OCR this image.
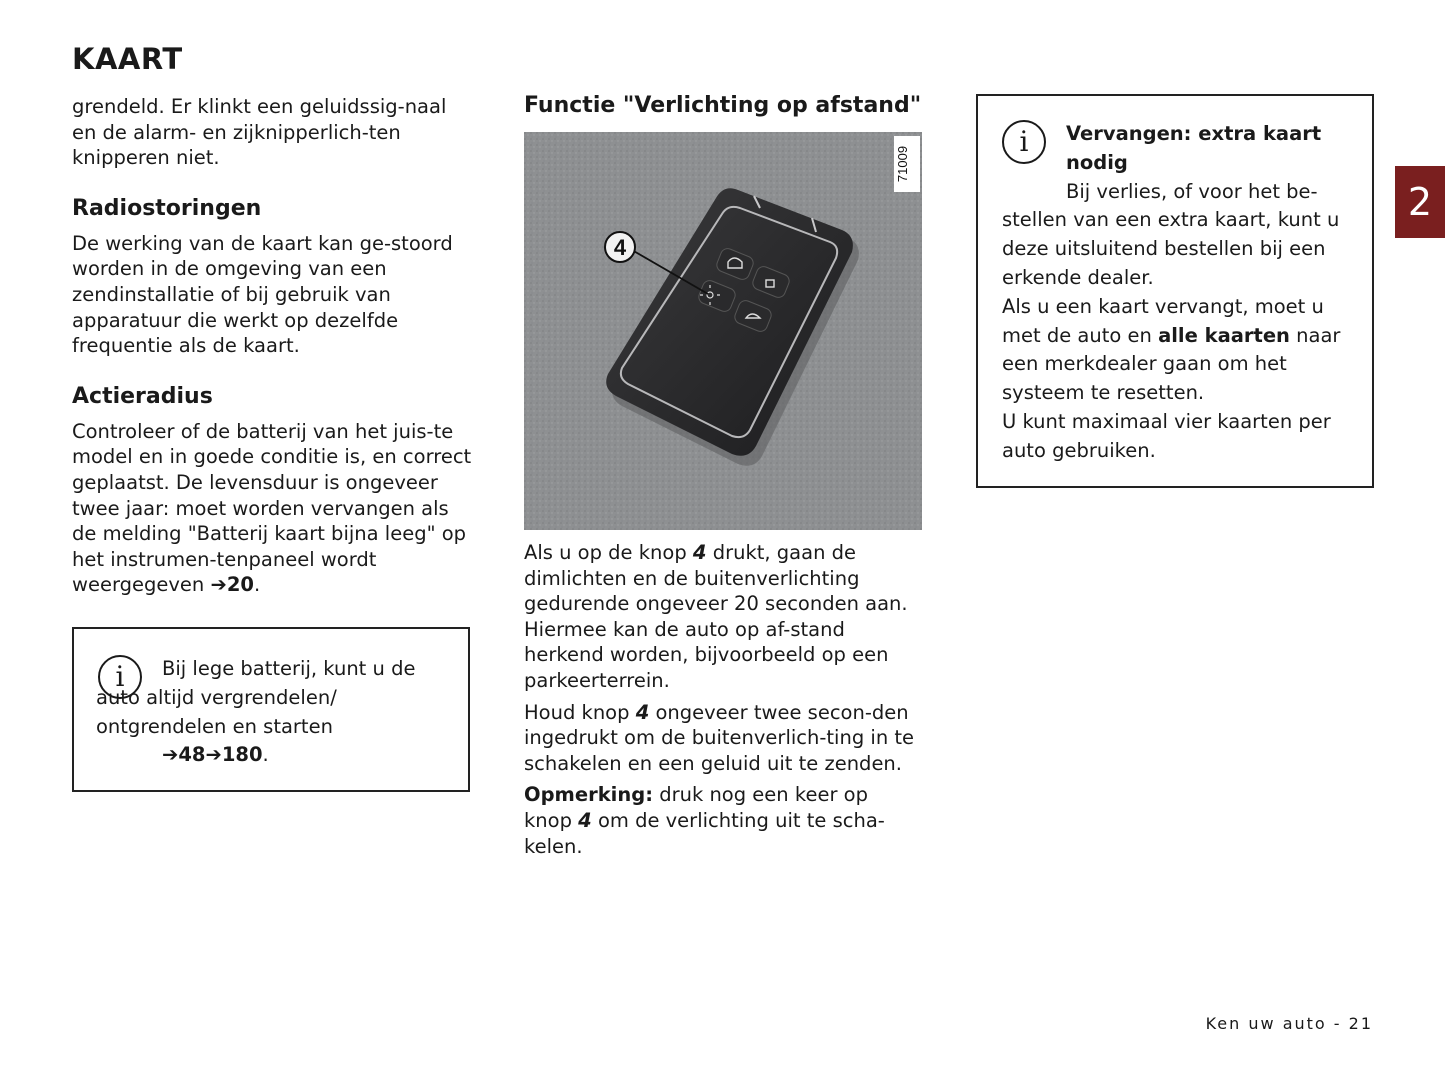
KAART

grendeld. Er klinkt een geluidssig-naal en de alarm- en zijknipperlich-ten knipperen niet.

Radiostoringen

De werking van de kaart kan ge-stoord worden in de omgeving van een zendinstallatie of bij gebruik van apparatuur die werkt op dezelfde frequentie als de kaart.

Actieradius

Controleer of de batterij van het juis-te model en in goede conditie is, en correct geplaatst. De levensduur is ongeveer twee jaar: moet worden vervangen als de melding "Batterij kaart bijna leeg" op het instrumen-tenpaneel wordt weergegeven ➔20.

i	Bij lege batterij, kunt u de auto altijd vergrendelen/ ontgrendelen en starten

➔48➔180.

Functie "Verlichting op afstand"
4
71009

Als u op de knop 4 drukt, gaan de dimlichten en de buitenverlichting gedurende ongeveer 20 seconden aan. Hiermee kan de auto op af-stand herkend worden, bijvoorbeeld op een parkeerterrein.

Houd knop 4 ongeveer twee secon-den ingedrukt om de buitenverlich-ting in te schakelen en een geluid uit te zenden.

Opmerking: druk nog een keer op knop 4 om de verlichting uit te scha-kelen.

i	Vervangen: extra kaart nodig

Bij verlies, of voor het be-stellen van een extra kaart, kunt u deze uitsluitend bestellen bij een erkende dealer.

Als u een kaart vervangt, moet u met de auto en alle kaarten naar een merkdealer gaan om het systeem te resetten.

U kunt maximaal vier kaarten per auto gebruiken.

2
Ken uw auto - 21
